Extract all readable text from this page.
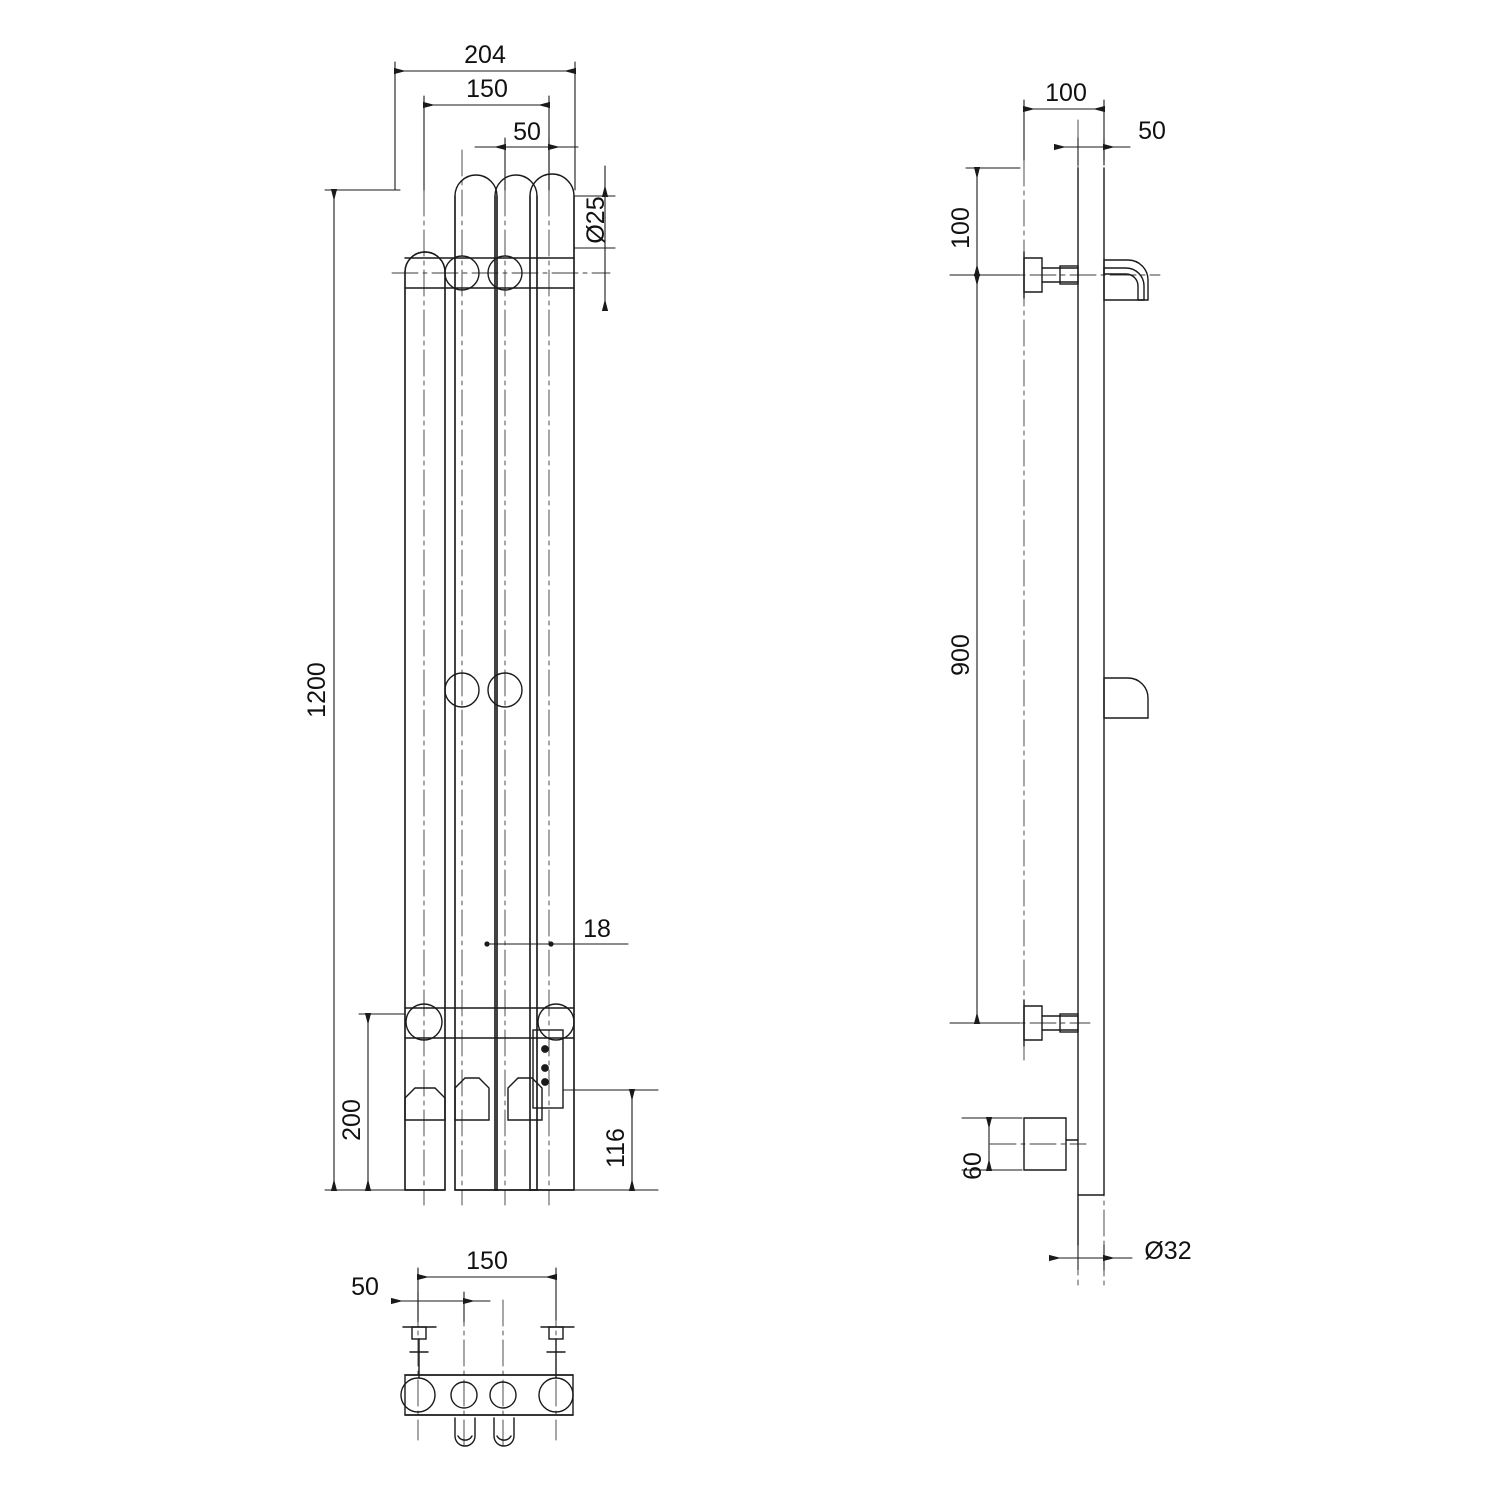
204
150
50
Ø25
1200
200
18
116
100
50
100
900
60
Ø32
150
50
